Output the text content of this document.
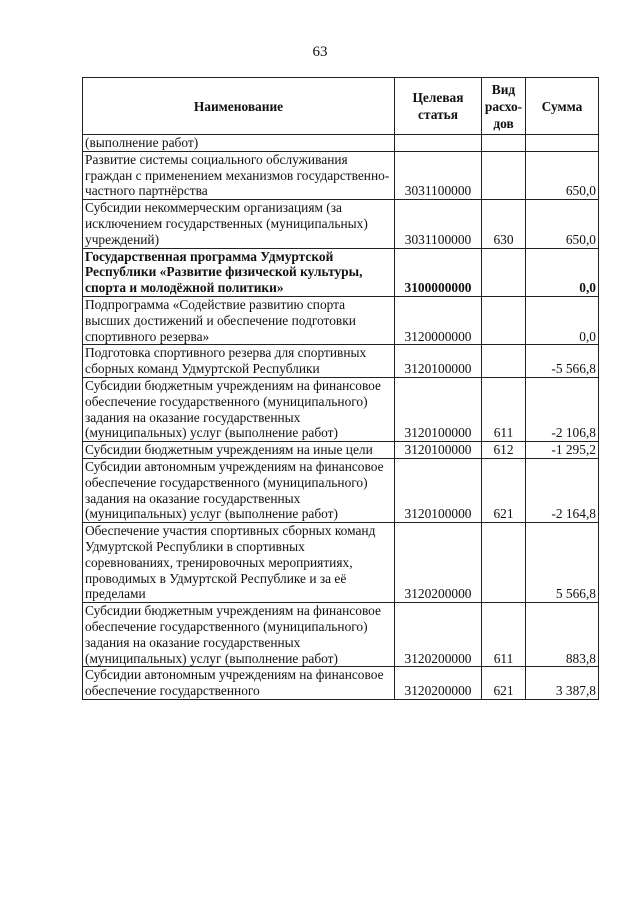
63
Наименование	Целевая статья	Вид расхо-дов	Сумма
(выполнение работ)			
Развитие системы социального обслуживания граждан с применением механизмов государственно-частного партнёрства	3031100000		650,0
Субсидии некоммерческим организациям (за исключением государственных (муниципальных) учреждений)	3031100000	630	650,0
Государственная программа Удмуртской Республики «Развитие физической культуры, спорта и молодёжной политики»	3100000000		0,0
Подпрограмма «Содействие развитию спорта высших достижений и обеспечение подготовки спортивного резерва»	3120000000		0,0
Подготовка спортивного резерва для спортивных сборных команд Удмуртской Республики	3120100000		-5 566,8
Субсидии бюджетным учреждениям на финансовое обеспечение государственного (муниципального) задания на оказание государственных (муниципальных) услуг (выполнение работ)	3120100000	611	-2 106,8
Субсидии бюджетным учреждениям на иные цели	3120100000	612	-1 295,2
Субсидии автономным учреждениям на финансовое обеспечение государственного (муниципального) задания на оказание государственных (муниципальных) услуг (выполнение работ)	3120100000	621	-2 164,8
Обеспечение участия спортивных сборных команд Удмуртской Республики в спортивных соревнованиях, тренировочных мероприятиях, проводимых в Удмуртской Республике и за её пределами	3120200000		5 566,8
Субсидии бюджетным учреждениям на финансовое обеспечение государственного (муниципального) задания на оказание государственных (муниципальных) услуг (выполнение работ)	3120200000	611	883,8
Субсидии автономным учреждениям на финансовое обеспечение государственного	3120200000	621	3 387,8
